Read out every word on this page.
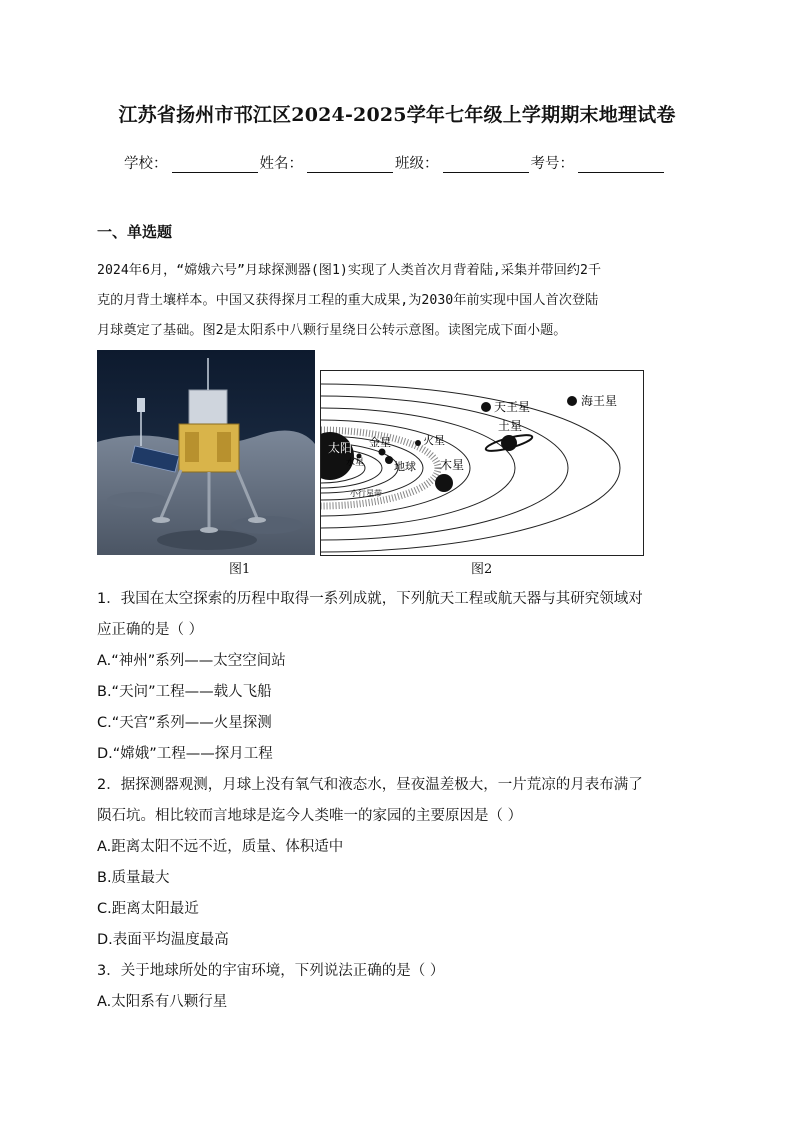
江苏省扬州市邗江区2024-2025学年七年级上学期期末地理试卷
学校：	姓名：	班级：	考号：
一、单选题
2024年6月，“嫦娥六号”月球探测器(图1)实现了人类首次月背着陆,采集并带回约2千
克的月背土壤样本。中国又获得探月工程的重大成果,为2030年前实现中国人首次登陆
月球奠定了基础。图2是太阳系中八颗行星绕日公转示意图。读图完成下面小题。
太阳
水星
金星
地球
火星
小行星带
木星
土星
天王星	海王星
图1	图2
1．我国在太空探索的历程中取得一系列成就，下列航天工程或航天器与其研究领域对
应正确的是（ ）
A.“神州”系列——太空空间站
B.“天问”工程——载人飞船
C.“天宫”系列——火星探测
D.“嫦娥”工程——探月工程
2．据探测器观测，月球上没有氧气和液态水，昼夜温差极大，一片荒凉的月表布满了
陨石坑。相比较而言地球是迄今人类唯一的家园的主要原因是（ ）
A.距离太阳不远不近，质量、体积适中
B.质量最大
C.距离太阳最近
D.表面平均温度最高
3．关于地球所处的宇宙环境，下列说法正确的是（ ）
A.太阳系有八颗行星
